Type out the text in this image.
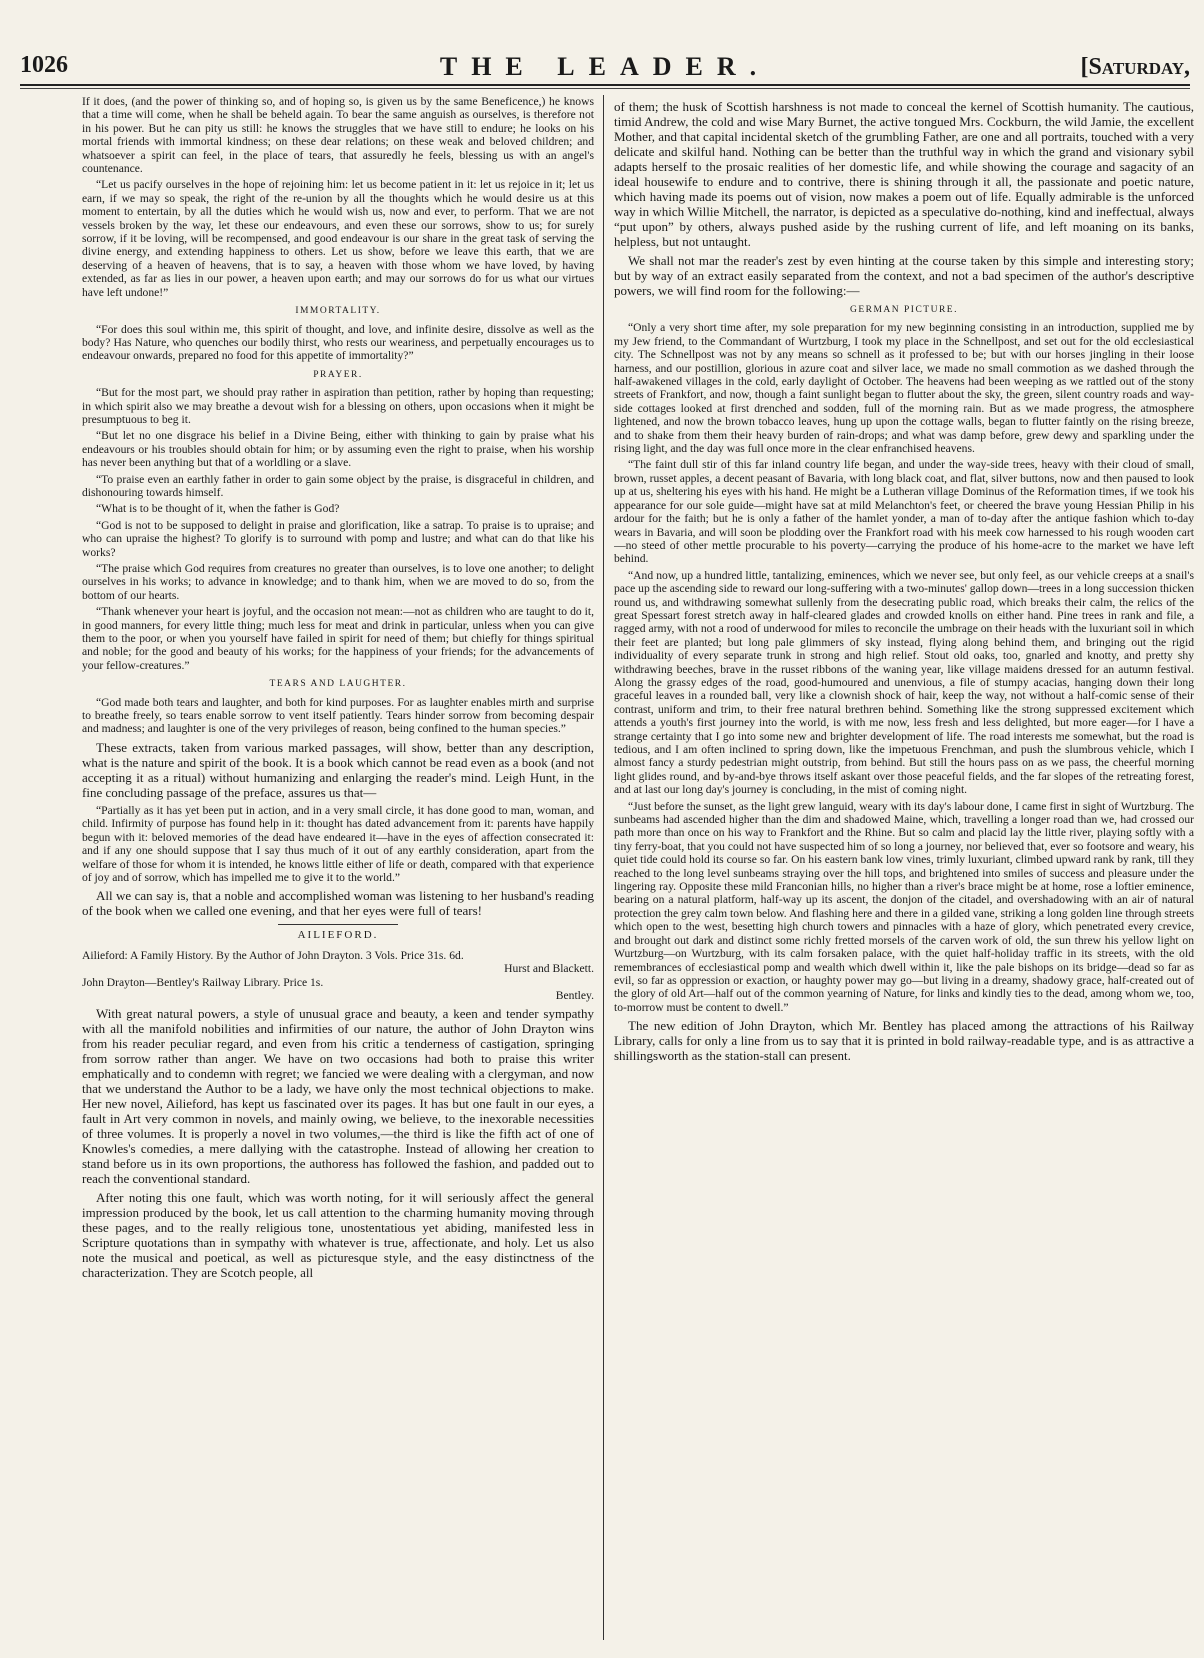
1026	THE LEADER.	[Saturday,

If it does, (and the power of thinking so, and of hoping so, is given us by the same Beneficence,) he knows that a time will come, when he shall be beheld again. To bear the same anguish as ourselves, is therefore not in his power. But he can pity us still: he knows the struggles that we have still to endure; he looks on his mortal friends with immortal kindness; on these dear relations; on these weak and beloved children; and whatsoever a spirit can feel, in the place of tears, that assuredly he feels, blessing us with an angel's countenance.

“Let us pacify ourselves in the hope of rejoining him: let us become patient in it: let us rejoice in it; let us earn, if we may so speak, the right of the re-union by all the thoughts which he would desire us at this moment to entertain, by all the duties which he would wish us, now and ever, to perform. That we are not vessels broken by the way, let these our endeavours, and even these our sorrows, show to us; for surely sorrow, if it be loving, will be recompensed, and good endeavour is our share in the great task of serving the divine energy, and extending happiness to others. Let us show, before we leave this earth, that we are deserving of a heaven of heavens, that is to say, a heaven with those whom we have loved, by having extended, as far as lies in our power, a heaven upon earth; and may our sorrows do for us what our virtues have left undone!”

IMMORTALITY.

“For does this soul within me, this spirit of thought, and love, and infinite desire, dissolve as well as the body? Has Nature, who quenches our bodily thirst, who rests our weariness, and perpetually encourages us to endeavour onwards, prepared no food for this appetite of immortality?”

PRAYER.

“But for the most part, we should pray rather in aspiration than petition, rather by hoping than requesting; in which spirit also we may breathe a devout wish for a blessing on others, upon occasions when it might be presumptuous to beg it.

“But let no one disgrace his belief in a Divine Being, either with thinking to gain by praise what his endeavours or his troubles should obtain for him; or by assuming even the right to praise, when his worship has never been anything but that of a worldling or a slave.

“To praise even an earthly father in order to gain some object by the praise, is disgraceful in children, and dishonouring towards himself.

“What is to be thought of it, when the father is God?

“God is not to be supposed to delight in praise and glorification, like a satrap. To praise is to upraise; and who can upraise the highest? To glorify is to surround with pomp and lustre; and what can do that like his works?

“The praise which God requires from creatures no greater than ourselves, is to love one another; to delight ourselves in his works; to advance in knowledge; and to thank him, when we are moved to do so, from the bottom of our hearts.

“Thank whenever your heart is joyful, and the occasion not mean:—not as children who are taught to do it, in good manners, for every little thing; much less for meat and drink in particular, unless when you can give them to the poor, or when you yourself have failed in spirit for need of them; but chiefly for things spiritual and noble; for the good and beauty of his works; for the happiness of your friends; for the advancements of your fellow-creatures.”

TEARS AND LAUGHTER.

“God made both tears and laughter, and both for kind purposes. For as laughter enables mirth and surprise to breathe freely, so tears enable sorrow to vent itself patiently. Tears hinder sorrow from becoming despair and madness; and laughter is one of the very privileges of reason, being confined to the human species.”

These extracts, taken from various marked passages, will show, better than any description, what is the nature and spirit of the book. It is a book which cannot be read even as a book (and not accepting it as a ritual) without humanizing and enlarging the reader's mind. Leigh Hunt, in the fine concluding passage of the preface, assures us that—

“Partially as it has yet been put in action, and in a very small circle, it has done good to man, woman, and child. Infirmity of purpose has found help in it: thought has dated advancement from it: parents have happily begun with it: beloved memories of the dead have endeared it—have in the eyes of affection consecrated it: and if any one should suppose that I say thus much of it out of any earthly consideration, apart from the welfare of those for whom it is intended, he knows little either of life or death, compared with that experience of joy and of sorrow, which has impelled me to give it to the world.”

All we can say is, that a noble and accomplished woman was listening to her husband's reading of the book when we called one evening, and that her eyes were full of tears!

AILIEFORD.
Ailieford: A Family History. By the Author of John Drayton. 3 Vols. Price 31s. 6d.
Hurst and Blackett.
John Drayton—Bentley's Railway Library. Price 1s.
Bentley.

With great natural powers, a style of unusual grace and beauty, a keen and tender sympathy with all the manifold nobilities and infirmities of our nature, the author of John Drayton wins from his reader peculiar regard, and even from his critic a tenderness of castigation, springing from sorrow rather than anger. We have on two occasions had both to praise this writer emphatically and to condemn with regret; we fancied we were dealing with a clergyman, and now that we understand the Author to be a lady, we have only the most technical objections to make. Her new novel, Ailieford, has kept us fascinated over its pages. It has but one fault in our eyes, a fault in Art very common in novels, and mainly owing, we believe, to the inexorable necessities of three volumes. It is properly a novel in two volumes,—the third is like the fifth act of one of Knowles's comedies, a mere dallying with the catastrophe. Instead of allowing her creation to stand before us in its own proportions, the authoress has followed the fashion, and padded out to reach the conventional standard.

After noting this one fault, which was worth noting, for it will seriously affect the general impression produced by the book, let us call attention to the charming humanity moving through these pages, and to the really religious tone, unostentatious yet abiding, manifested less in Scripture quotations than in sympathy with whatever is true, affectionate, and holy. Let us also note the musical and poetical, as well as picturesque style, and the easy distinctness of the characterization. They are Scotch people, all

of them; the husk of Scottish harshness is not made to conceal the kernel of Scottish humanity. The cautious, timid Andrew, the cold and wise Mary Burnet, the active tongued Mrs. Cockburn, the wild Jamie, the excellent Mother, and that capital incidental sketch of the grumbling Father, are one and all portraits, touched with a very delicate and skilful hand. Nothing can be better than the truthful way in which the grand and visionary sybil adapts herself to the prosaic realities of her domestic life, and while showing the courage and sagacity of an ideal housewife to endure and to contrive, there is shining through it all, the passionate and poetic nature, which having made its poems out of vision, now makes a poem out of life. Equally admirable is the unforced way in which Willie Mitchell, the narrator, is depicted as a speculative do-nothing, kind and ineffectual, always “put upon” by others, always pushed aside by the rushing current of life, and left moaning on its banks, helpless, but not untaught.

We shall not mar the reader's zest by even hinting at the course taken by this simple and interesting story; but by way of an extract easily separated from the context, and not a bad specimen of the author's descriptive powers, we will find room for the following:—

GERMAN PICTURE.

“Only a very short time after, my sole preparation for my new beginning consisting in an introduction, supplied me by my Jew friend, to the Commandant of Wurtzburg, I took my place in the Schnellpost, and set out for the old ecclesiastical city. The Schnellpost was not by any means so schnell as it professed to be; but with our horses jingling in their loose harness, and our postillion, glorious in azure coat and silver lace, we made no small commotion as we dashed through the half-awakened villages in the cold, early daylight of October. The heavens had been weeping as we rattled out of the stony streets of Frankfort, and now, though a faint sunlight began to flutter about the sky, the green, silent country roads and way-side cottages looked at first drenched and sodden, full of the morning rain. But as we made progress, the atmosphere lightened, and now the brown tobacco leaves, hung up upon the cottage walls, began to flutter faintly on the rising breeze, and to shake from them their heavy burden of rain-drops; and what was damp before, grew dewy and sparkling under the rising light, and the day was full once more in the clear enfranchised heavens.

“The faint dull stir of this far inland country life began, and under the way-side trees, heavy with their cloud of small, brown, russet apples, a decent peasant of Bavaria, with long black coat, and flat, silver buttons, now and then paused to look up at us, sheltering his eyes with his hand. He might be a Lutheran village Dominus of the Reformation times, if we took his appearance for our sole guide—might have sat at mild Melanchton's feet, or cheered the brave young Hessian Philip in his ardour for the faith; but he is only a father of the hamlet yonder, a man of to-day after the antique fashion which to-day wears in Bavaria, and will soon be plodding over the Frankfort road with his meek cow harnessed to his rough wooden cart—no steed of other mettle procurable to his poverty—carrying the produce of his home-acre to the market we have left behind.

“And now, up a hundred little, tantalizing, eminences, which we never see, but only feel, as our vehicle creeps at a snail's pace up the ascending side to reward our long-suffering with a two-minutes' gallop down—trees in a long succession thicken round us, and withdrawing somewhat sullenly from the desecrating public road, which breaks their calm, the relics of the great Spessart forest stretch away in half-cleared glades and crowded knolls on either hand. Pine trees in rank and file, a ragged army, with not a rood of underwood for miles to reconcile the umbrage on their heads with the luxuriant soil in which their feet are planted; but long pale glimmers of sky instead, flying along behind them, and bringing out the rigid individuality of every separate trunk in strong and high relief. Stout old oaks, too, gnarled and knotty, and pretty shy withdrawing beeches, brave in the russet ribbons of the waning year, like village maidens dressed for an autumn festival. Along the grassy edges of the road, good-humoured and unenvious, a file of stumpy acacias, hanging down their long graceful leaves in a rounded ball, very like a clownish shock of hair, keep the way, not without a half-comic sense of their contrast, uniform and trim, to their free natural brethren behind. Something like the strong suppressed excitement which attends a youth's first journey into the world, is with me now, less fresh and less delighted, but more eager—for I have a strange certainty that I go into some new and brighter development of life. The road interests me somewhat, but the road is tedious, and I am often inclined to spring down, like the impetuous Frenchman, and push the slumbrous vehicle, which I almost fancy a sturdy pedestrian might outstrip, from behind. But still the hours pass on as we pass, the cheerful morning light glides round, and by-and-bye throws itself askant over those peaceful fields, and the far slopes of the retreating forest, and at last our long day's journey is concluding, in the mist of coming night.

“Just before the sunset, as the light grew languid, weary with its day's labour done, I came first in sight of Wurtzburg. The sunbeams had ascended higher than the dim and shadowed Maine, which, travelling a longer road than we, had crossed our path more than once on his way to Frankfort and the Rhine. But so calm and placid lay the little river, playing softly with a tiny ferry-boat, that you could not have suspected him of so long a journey, nor believed that, ever so footsore and weary, his quiet tide could hold its course so far. On his eastern bank low vines, trimly luxuriant, climbed upward rank by rank, till they reached to the long level sunbeams straying over the hill tops, and brightened into smiles of success and pleasure under the lingering ray. Opposite these mild Franconian hills, no higher than a river's brace might be at home, rose a loftier eminence, bearing on a natural platform, half-way up its ascent, the donjon of the citadel, and overshadowing with an air of natural protection the grey calm town below. And flashing here and there in a gilded vane, striking a long golden line through streets which open to the west, besetting high church towers and pinnacles with a haze of glory, which penetrated every crevice, and brought out dark and distinct some richly fretted morsels of the carven work of old, the sun threw his yellow light on Wurtzburg—on Wurtzburg, with its calm forsaken palace, with the quiet half-holiday traffic in its streets, with the old remembrances of ecclesiastical pomp and wealth which dwell within it, like the pale bishops on its bridge—dead so far as evil, so far as oppression or exaction, or haughty power may go—but living in a dreamy, shadowy grace, half-created out of the glory of old Art—half out of the common yearning of Nature, for links and kindly ties to the dead, among whom we, too, to-morrow must be content to dwell.”

The new edition of John Drayton, which Mr. Bentley has placed among the attractions of his Railway Library, calls for only a line from us to say that it is printed in bold railway-readable type, and is as attractive a shillingsworth as the station-stall can present.
